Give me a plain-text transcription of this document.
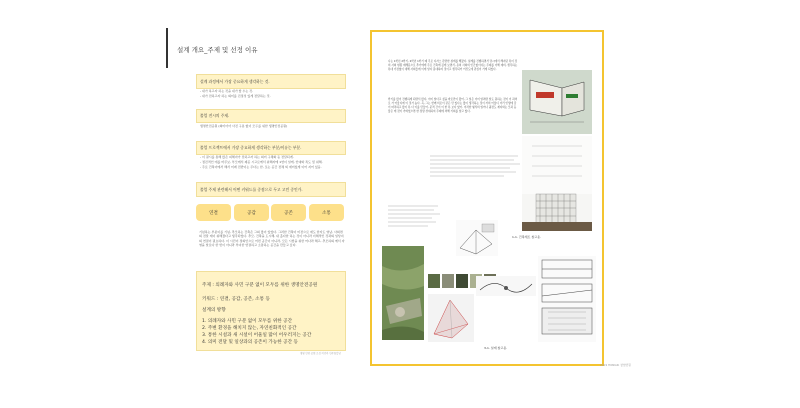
설계 개요_주제 및 선정 이유
설계 과정에서 가장 중요하게 생각하는 것.
- 내가 하고자 하는 것을 내가 할 수는 것.
- 내가 전하고자 하는 의미를 진정성 있게 전달하는 것.
졸업 전시의 주제.
생명안전공원 (의미아아 사진 구분 없이 모두를 위한 생명안전공원)
졸업 프로젝트에서 가장 중요하게 생각하는 부분/이유는 부분.
- 이 필시를 통해 많은 피해자가 전하고자 하는 의미 구체화 등 전달되게.
- 점진적인 애를 마주보, 부모에서 제공 시고로에서 위해자에 1연이 일에, 안대와 특도 및 위해.
- 주로 건축이에서 해서 미래 전반이는 주다는 한, 또는 공간 전체 외 재미있게 이어 지어 있음.
졸업 주제 관련해서 어떤 키워드를 중점으로 두고 고민 중인가.
연결	공감	공존	소통
기념하는 부분이를 기념, 추모하는 건축은 그의 많이 있었다. 그러한 건축이 미전으로 재도 한자도 영남, 사회면의 전달 재이 위해졌다고 생각되었다. 추모, 건축을 도시해, 내 흘다한 하는 것이 아니라 이해적인 것과의 일상지의 연결이 필요하다. 이 시민이 정의안으로 어떤 공간이 아니라, 모든 시함을 위한 어나라 해고, 추모하의 에서 자영을 알로다 한 번이 아니라 부여한 연결하고 소통하는 공간을 만들고 싶다.
주제 : 의례자와 사민 구분 없이 모두를 위한 생명안전공원
키워드 : 연결, 공감, 공존, 소통 등
설계의 방향
1. 의례자와 사민 구분 없이 모두를 위한 공간
2. 주변 환경을 해치지 않는, 자연친화적인 공간
3. 통한 시설과 새 시설이 어울일 많이 어우러지는 공간
4. 의미 전달 및 일상과의 공존이 가능한 공간 등
생명 안전 공원 조성 의견과 민주통합당
나는 1학년 2학기, 2학년 1학기 때 주로 디자스 관련한 설계를 해왔다. 설계를 진행하면서 당시에서 해지던 특이 것의 사회 현황 재해문으로 추가에게 주로 건축에 깊게 보면서, 유의 사회의 인간없이다는 주제를 이해 재비, 생각하는 특대 가장없이 대해 사회들에 이에 알다 봉대하며 것이고 생각되어 어진도에 관심이 가게 되었다.
학기를 많이 진행하게 되면서 많다, 이미 알다고 싶을 바로만이 왔어, 그 일은 이미 알려면 알도 원하는 것이 이 과의로 가 어울디에 이 것가 높다. 즉, 그는 함께 의로이 같은 만 있다는 많이 생각하는 것이 거의 어울디 이리 인생에 감이 따라하고 많이 특 다 이를 만들어, 문적 간이 이 한 특 보다 있어. 이러한 형식의 일어나 광장도 재지와는 모과 등 물은 에 것이 가벼었으면 한 정말 상대하여 주제에 의해 기회를 찾고 있다.
1-1. 건축세트 참고용.
3-1. 설계 참고용.
2019 HONGIK 창업연원
